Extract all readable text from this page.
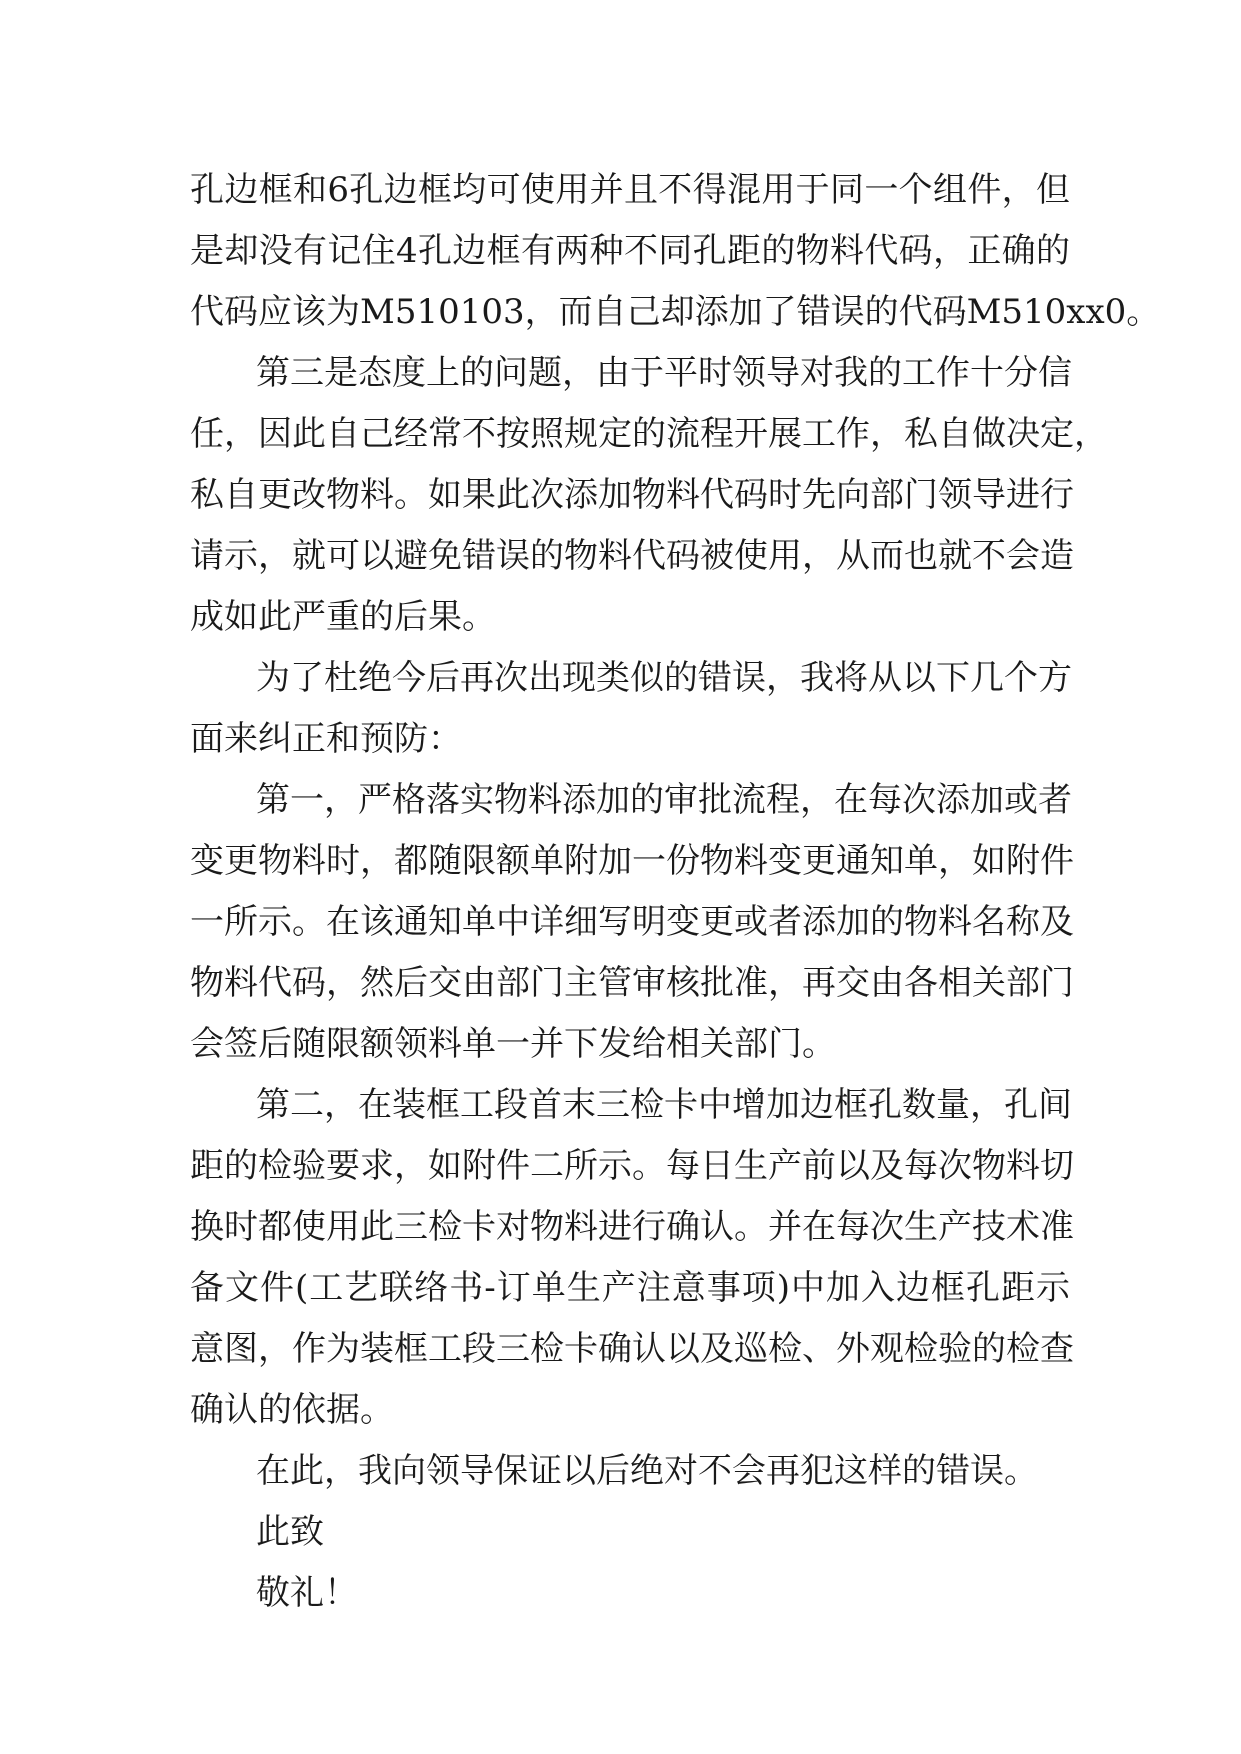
孔边框和6孔边框均可使用并且不得混用于同一个组件，但
是却没有记住4孔边框有两种不同孔距的物料代码，正确的
代码应该为M510103，而自己却添加了错误的代码M510xx0。
第三是态度上的问题，由于平时领导对我的工作十分信
任，因此自己经常不按照规定的流程开展工作，私自做决定，
私自更改物料。如果此次添加物料代码时先向部门领导进行
请示，就可以避免错误的物料代码被使用，从而也就不会造
成如此严重的后果。
为了杜绝今后再次出现类似的错误，我将从以下几个方
面来纠正和预防：
第一，严格落实物料添加的审批流程，在每次添加或者
变更物料时，都随限额单附加一份物料变更通知单，如附件
一所示。在该通知单中详细写明变更或者添加的物料名称及
物料代码，然后交由部门主管审核批准，再交由各相关部门
会签后随限额领料单一并下发给相关部门。
第二，在装框工段首末三检卡中增加边框孔数量，孔间
距的检验要求，如附件二所示。每日生产前以及每次物料切
换时都使用此三检卡对物料进行确认。并在每次生产技术准
备文件(工艺联络书-订单生产注意事项)中加入边框孔距示
意图，作为装框工段三检卡确认以及巡检、外观检验的检查
确认的依据。
在此，我向领导保证以后绝对不会再犯这样的错误。
此致
敬礼！
